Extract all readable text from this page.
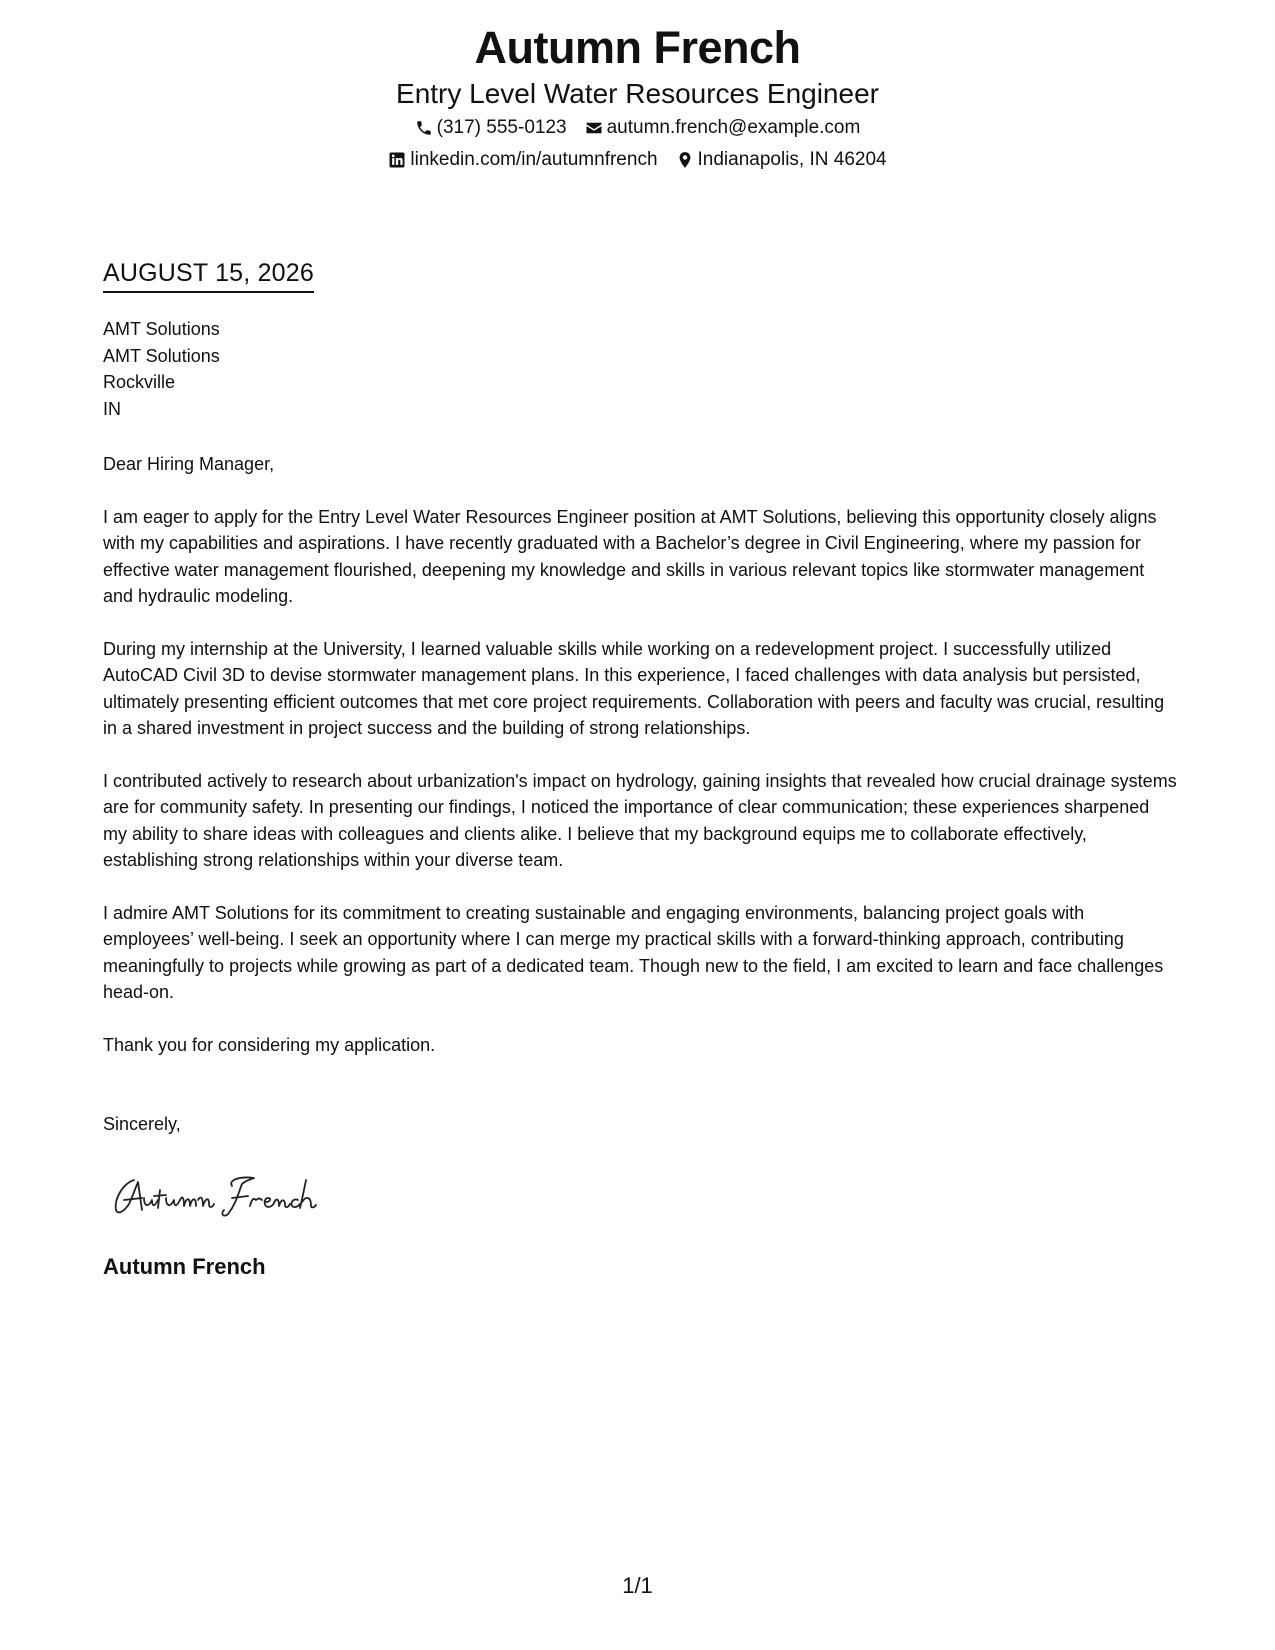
Autumn French
Entry Level Water Resources Engineer
(317) 555-0123 autumn.french@example.com
linkedin.com/in/autumnfrench Indianapolis, IN 46204
AUGUST 15, 2026
AMT Solutions
AMT Solutions
Rockville
IN
Dear Hiring Manager,

I am eager to apply for the Entry Level Water Resources Engineer position at AMT Solutions, believing this opportunity closely aligns with my capabilities and aspirations. I have recently graduated with a Bachelor’s degree in Civil Engineering, where my passion for effective water management flourished, deepening my knowledge and skills in various relevant topics like stormwater management and hydraulic modeling.

During my internship at the University, I learned valuable skills while working on a redevelopment project. I successfully utilized AutoCAD Civil 3D to devise stormwater management plans. In this experience, I faced challenges with data analysis but persisted, ultimately presenting efficient outcomes that met core project requirements. Collaboration with peers and faculty was crucial, resulting in a shared investment in project success and the building of strong relationships.

I contributed actively to research about urbanization's impact on hydrology, gaining insights that revealed how crucial drainage systems are for community safety. In presenting our findings, I noticed the importance of clear communication; these experiences sharpened my ability to share ideas with colleagues and clients alike. I believe that my background equips me to collaborate effectively, establishing strong relationships within your diverse team.

I admire AMT Solutions for its commitment to creating sustainable and engaging environments, balancing project goals with employees’ well-being. I seek an opportunity where I can merge my practical skills with a forward-thinking approach, contributing meaningfully to projects while growing as part of a dedicated team. Though new to the field, I am excited to learn and face challenges head-on.

Thank you for considering my application.

Sincerely,
Autumn French
1/1
